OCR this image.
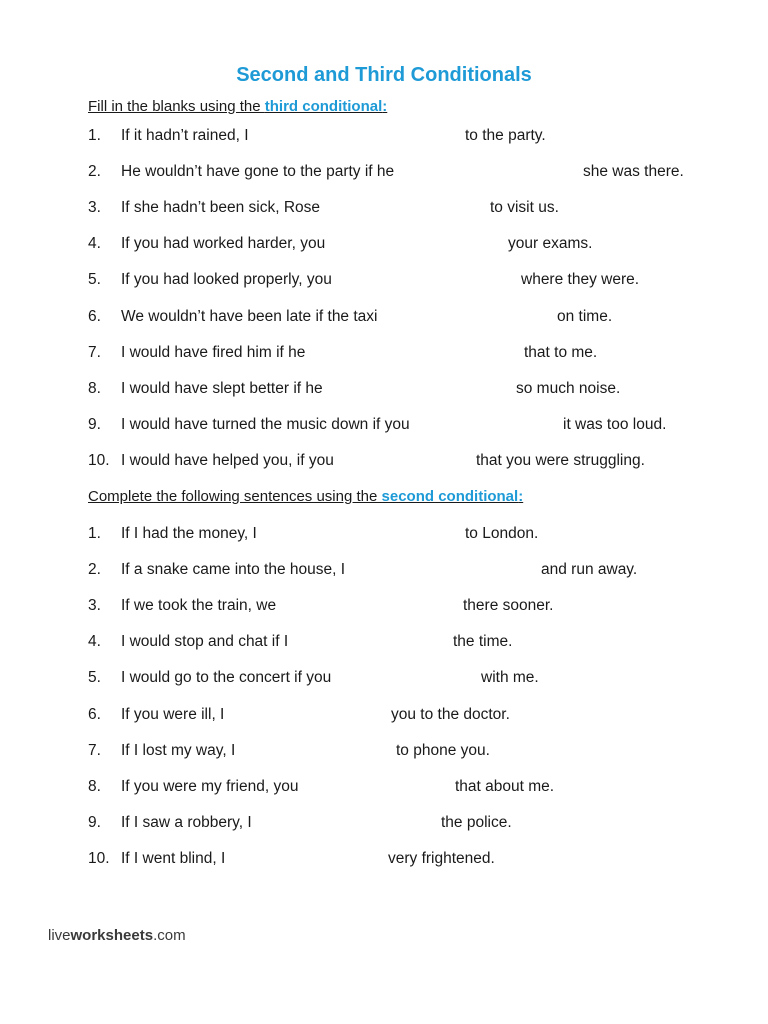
Second and Third Conditionals
Fill in the blanks using the third conditional:
1. If it hadn’t rained, I	to the party.
2. He wouldn’t have gone to the party if he	she was there.
3. If she hadn’t been sick, Rose	to visit us.
4. If you had worked harder, you	your exams.
5. If you had looked properly, you	where they were.
6. We wouldn’t have been late if the taxi	on time.
7. I would have fired him if he	that to me.
8. I would have slept better if he	so much noise.
9. I would have turned the music down if you	it was too loud.
10. I would have helped you, if you	that you were struggling.
Complete the following sentences using the second conditional:
1. If I had the money, I	to London.
2. If a snake came into the house, I	and run away.
3. If we took the train, we	there sooner.
4. I would stop and chat if I	the time.
5. I would go to the concert if you	with me.
6. If you were ill, I	you to the doctor.
7. If I lost my way, I	to phone you.
8. If you were my friend, you	that about me.
9. If I saw a robbery, I	the police.
10. If I went blind, I	very frightened.
liveworksheets.com
